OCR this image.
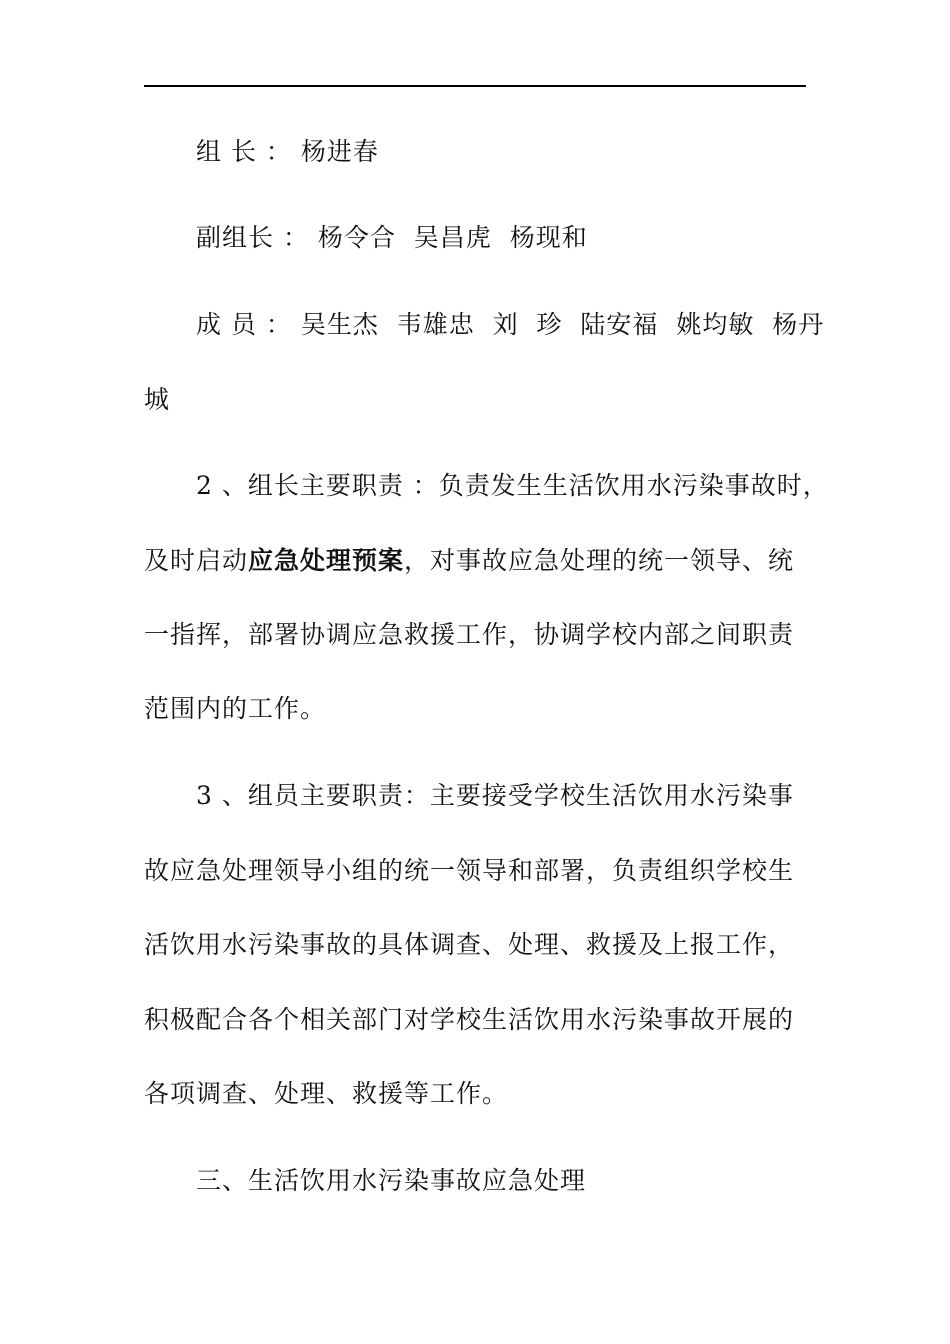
组 长 ： 杨进春
副组长 ： 杨令合  吴昌虎  杨现和
成 员 ： 吴生杰  韦雄忠  刘  珍  陆安福  姚均敏  杨丹
城
2 、组长主要职责 ：负责发生生活饮用水污染事故时，
及时启动应急处理预案，对事故应急处理的统一领导、统
一指挥，部署协调应急救援工作，协调学校内部之间职责
范围内的工作。
3 、组员主要职责：主要接受学校生活饮用水污染事
故应急处理领导小组的统一领导和部署，负责组织学校生
活饮用水污染事故的具体调查、处理、救援及上报工作，
积极配合各个相关部门对学校生活饮用水污染事故开展的
各项调查、处理、救援等工作。
三、生活饮用水污染事故应急处理
